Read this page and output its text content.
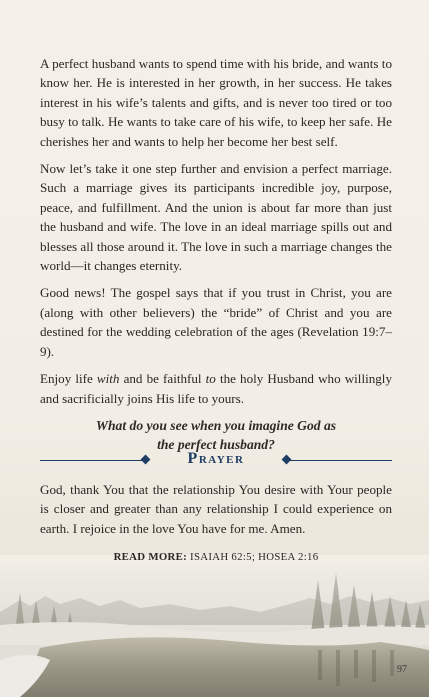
A perfect husband wants to spend time with his bride, and wants to know her. He is interested in her growth, in her success. He takes interest in his wife’s talents and gifts, and is never too tired or too busy to talk. He wants to take care of his wife, to keep her safe. He cherishes her and wants to help her become her best self.

Now let’s take it one step further and envision a perfect marriage. Such a marriage gives its participants incredible joy, purpose, peace, and fulfillment. And the union is about far more than just the husband and wife. The love in an ideal marriage spills out and blesses all those around it. The love in such a marriage changes the world—it changes eternity.

Good news! The gospel says that if you trust in Christ, you are (along with other believers) the “bride” of Christ and you are destined for the wedding celebration of the ages (Revelation 19:7–9).

Enjoy life with and be faithful to the holy Husband who willingly and sacrificially joins His life to yours.

What do you see when you imagine God as
the perfect husband?

Prayer

God, thank You that the relationship You desire with Your people is closer and greater than any relationship I could experience on earth. I rejoice in the love You have for me. Amen.

READ MORE: ISAIAH 62:5; HOSEA 2:16
97
